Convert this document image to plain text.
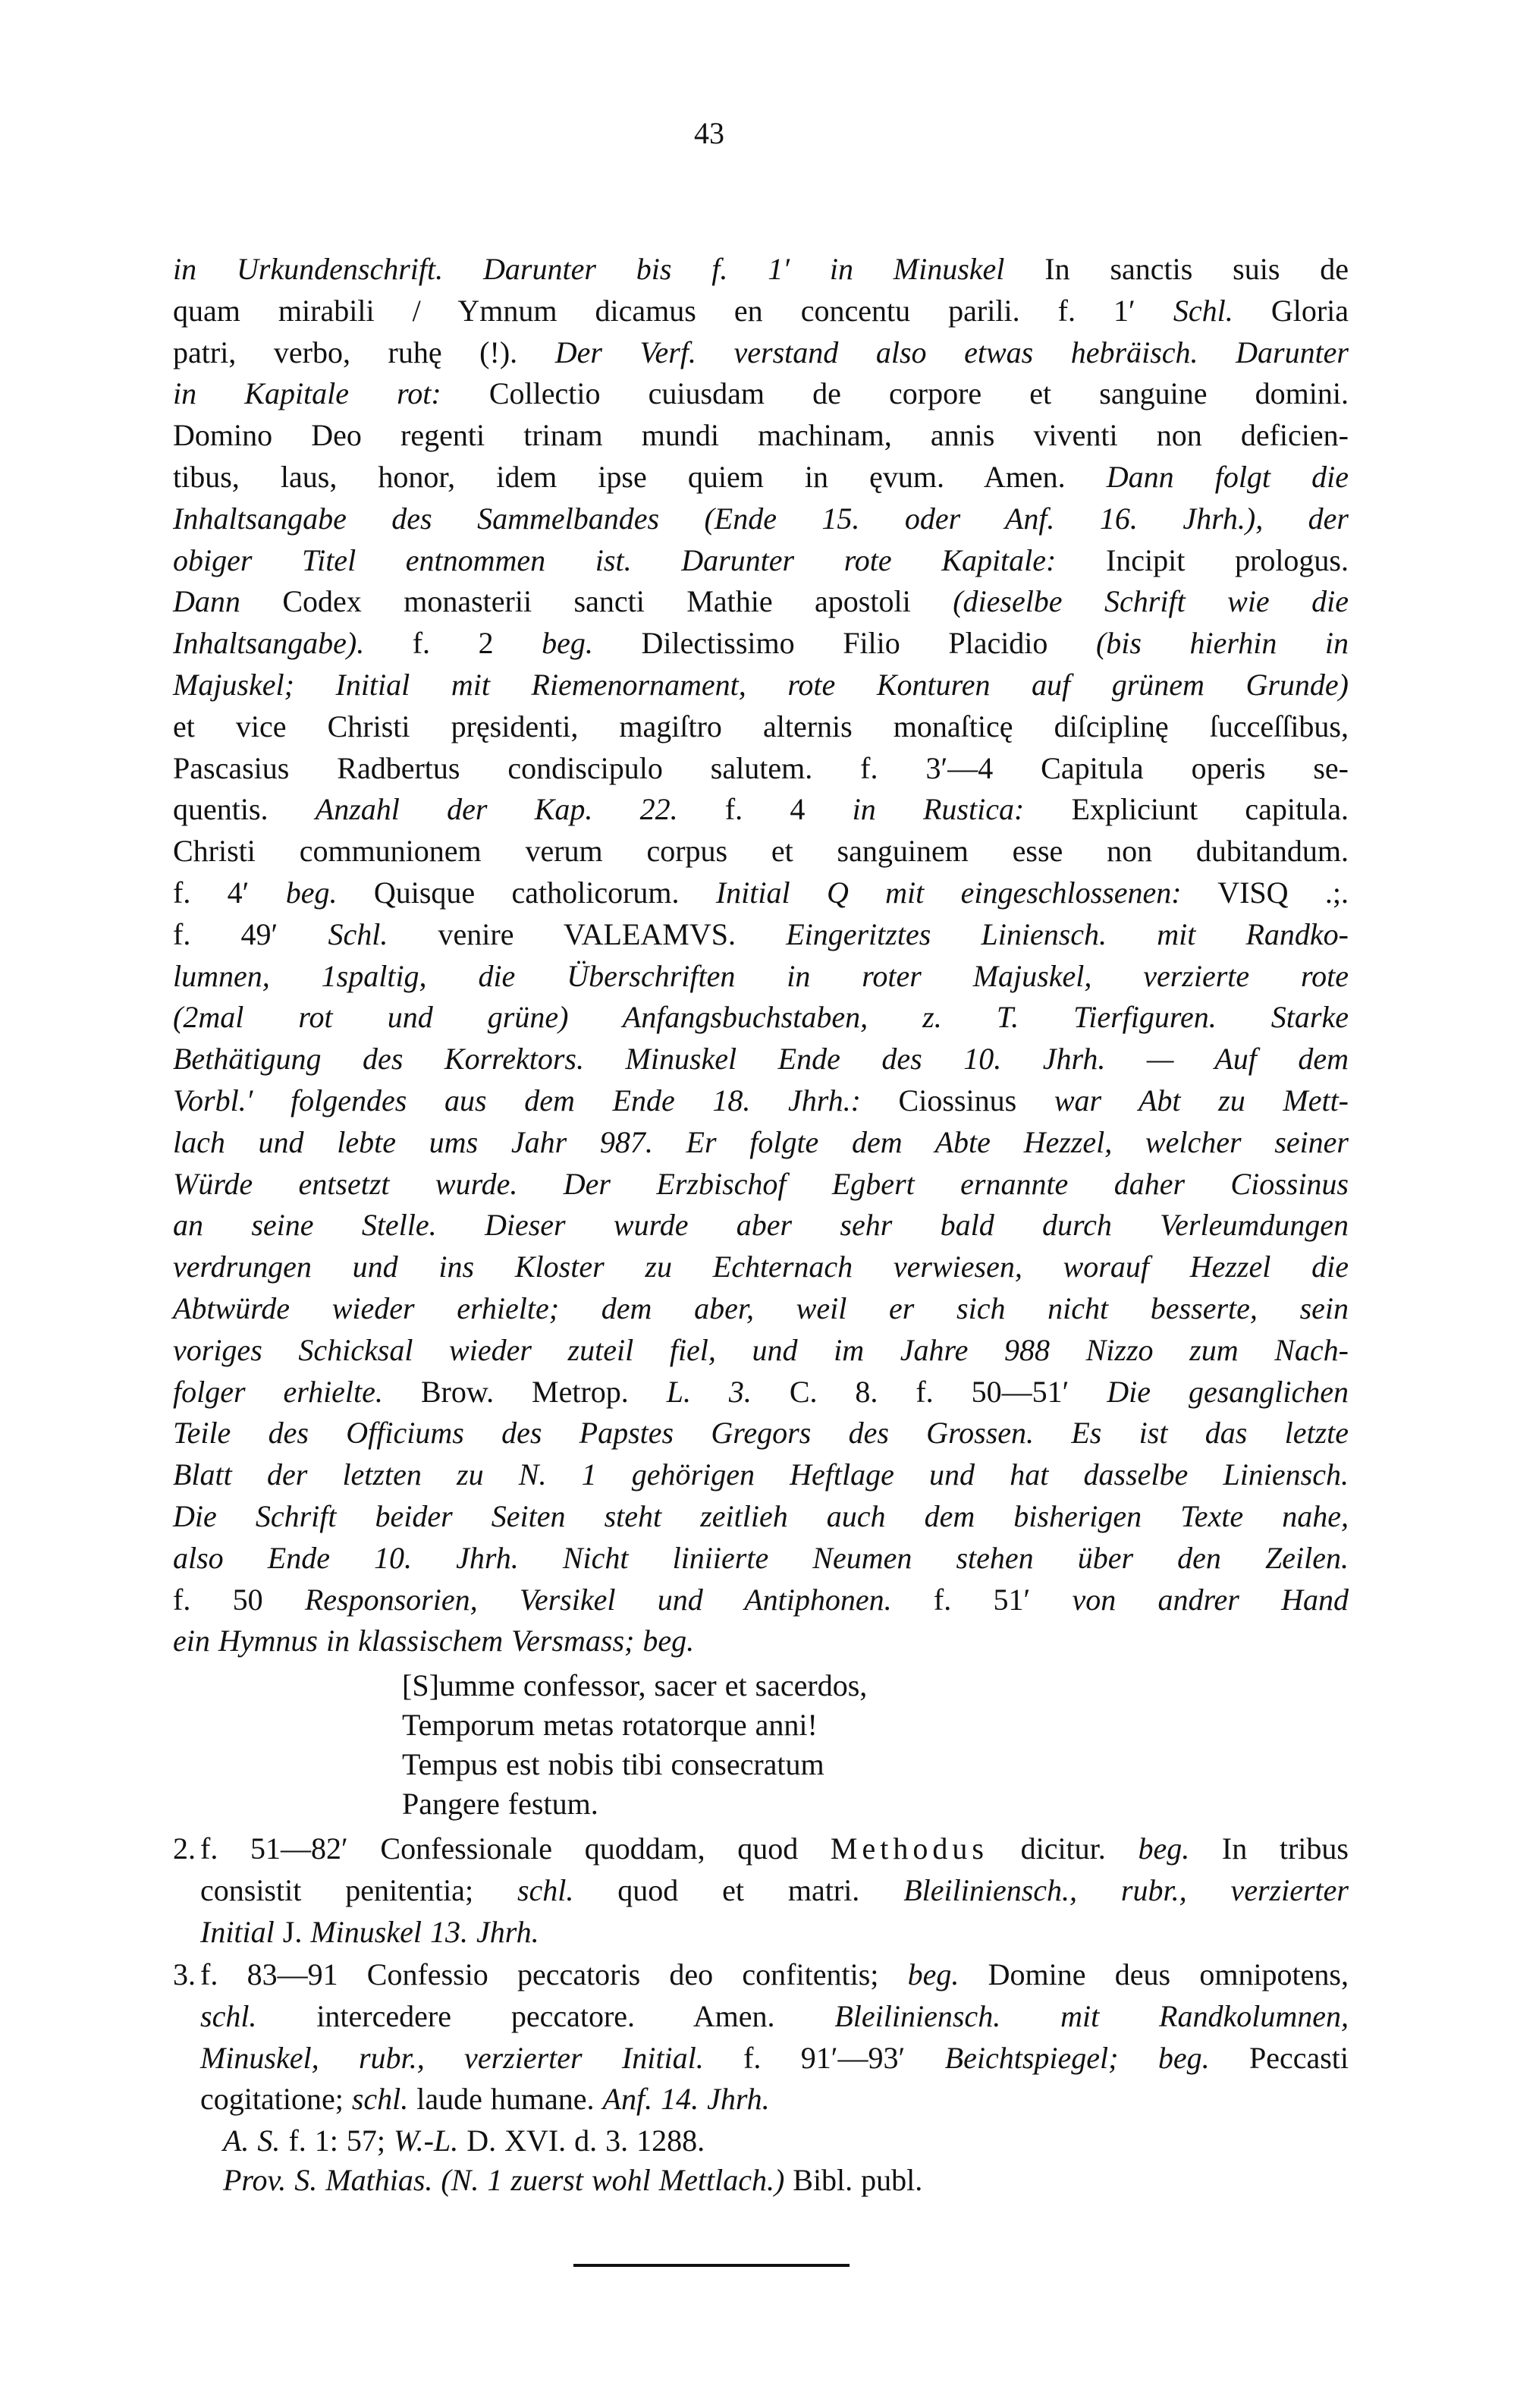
43
in Urkundenschrift. Darunter bis f. 1′ in Minuskel In sanctis suis de
quam mirabili / Ymnum dicamus en concentu parili. f. 1′ Schl. Gloria
patri, verbo, ruhę (!). Der Verf. verstand also etwas hebräisch. Darunter
in Kapitale rot: Collectio cuiusdam de corpore et sanguine domini.
Domino Deo regenti trinam mundi machinam, annis viventi non deficien-
tibus, laus, honor, idem ipse quiem in ęvum. Amen. Dann folgt die
Inhaltsangabe des Sammelbandes (Ende 15. oder Anf. 16. Jhrh.), der
obiger Titel entnommen ist. Darunter rote Kapitale: Incipit prologus.
Dann Codex monasterii sancti Mathie apostoli (dieselbe Schrift wie die
Inhaltsangabe). f. 2 beg. Dilectissimo Filio Placidio (bis hierhin in
Majuskel; Initial mit Riemenornament, rote Konturen auf grünem Grunde)
et vice Christi pręsidenti, magiſtro alternis monaſticę diſciplinę ſucceſſibus,
Pascasius Radbertus condiscipulo salutem. f. 3′—4 Capitula operis se-
quentis. Anzahl der Kap. 22. f. 4 in Rustica: Expliciunt capitula.
Christi communionem verum corpus et sanguinem esse non dubitandum.
f. 4′ beg. Quisque catholicorum. Initial Q mit eingeschlossenen: VISQ .;.
f. 49′ Schl. venire VALEAMVS. Eingeritztes Liniensch. mit Randko-
lumnen, 1spaltig, die Überschriften in roter Majuskel, verzierte rote
(2mal rot und grüne) Anfangsbuchstaben, z. T. Tierfiguren. Starke
Bethätigung des Korrektors. Minuskel Ende des 10. Jhrh. — Auf dem
Vorbl.′ folgendes aus dem Ende 18. Jhrh.: Ciossinus war Abt zu Mett-
lach und lebte ums Jahr 987. Er folgte dem Abte Hezzel, welcher seiner
Würde entsetzt wurde. Der Erzbischof Egbert ernannte daher Ciossinus
an seine Stelle. Dieser wurde aber sehr bald durch Verleumdungen
verdrungen und ins Kloster zu Echternach verwiesen, worauf Hezzel die
Abtwürde wieder erhielte; dem aber, weil er sich nicht besserte, sein
voriges Schicksal wieder zuteil fiel, und im Jahre 988 Nizzo zum Nach-
folger erhielte. Brow. Metrop. L. 3. C. 8. f. 50—51′ Die gesanglichen
Teile des Officiums des Papstes Gregors des Grossen. Es ist das letzte
Blatt der letzten zu N. 1 gehörigen Heftlage und hat dasselbe Liniensch.
Die Schrift beider Seiten steht zeitlieh auch dem bisherigen Texte nahe,
also Ende 10. Jhrh. Nicht liniierte Neumen stehen über den Zeilen.
f. 50 Responsorien, Versikel und Antiphonen. f. 51′ von andrer Hand
ein Hymnus in klassischem Versmass; beg.
[S]umme confessor, sacer et sacerdos,
Temporum metas rotatorque anni!
Tempus est nobis tibi consecratum
Pangere festum.
2. f. 51—82′ Confessionale quoddam, quod Methodus dicitur. beg. In tribus
consistit penitentia; schl. quod et matri. Bleiliniensch., rubr., verzierter
Initial J. Minuskel 13. Jhrh.
3. f. 83—91 Confessio peccatoris deo confitentis; beg. Domine deus omnipotens,
schl. intercedere peccatore. Amen. Bleiliniensch. mit Randkolumnen,
Minuskel, rubr., verzierter Initial. f. 91′—93′ Beichtspiegel; beg. Peccasti
cogitatione; schl. laude humane. Anf. 14. Jhrh.
A. S. f. 1: 57; W.-L. D. XVI. d. 3. 1288.
Prov. S. Mathias. (N. 1 zuerst wohl Mettlach.) Bibl. publ.
